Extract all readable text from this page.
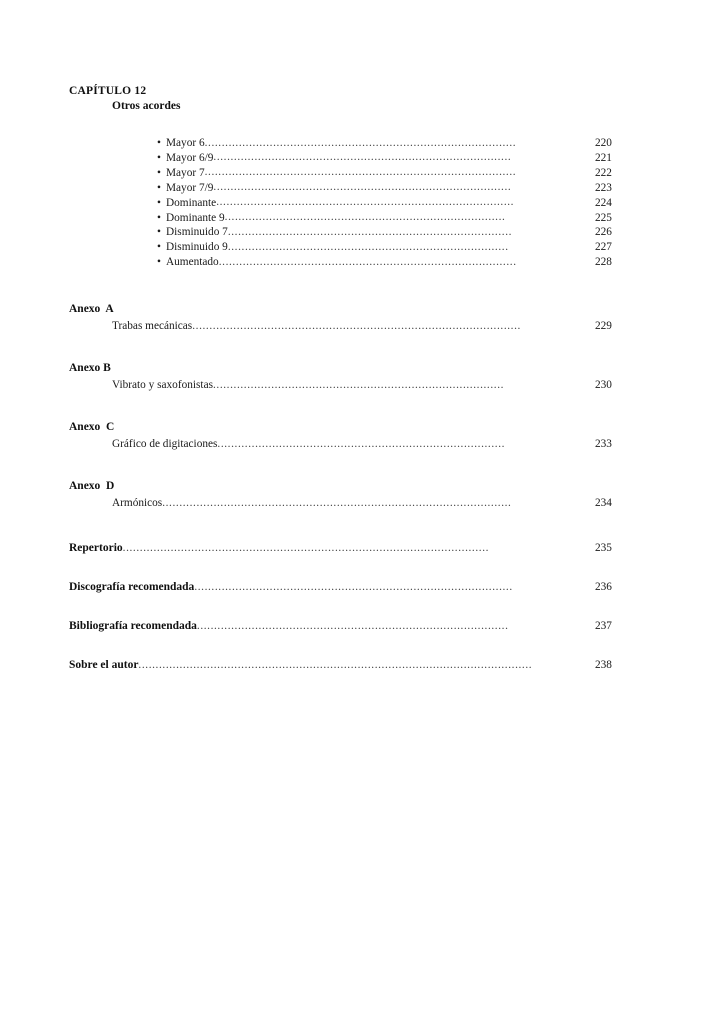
CAPÍTULO 12
Otros acordes
• Mayor 6 ...........................................................................................	220
• Mayor 6/9 .......................................................................................	221
• Mayor 7 ...........................................................................................	222
• Mayor 7/9 .......................................................................................	223
• Dominante .......................................................................................	224
• Dominante 9 ..................................................................................	225
• Disminuido 7 ...................................................................................	226
• Disminuido 9 ..................................................................................	227
• Aumentado .......................................................................................	228
Anexo  A
Trabas mecánicas ................................................................................................	229
Anexo B
Vibrato y saxofonistas .....................................................................................	230
Anexo  C
Gráfico de digitaciones ....................................................................................	233
Anexo  D
Armónicos ......................................................................................................	234
Repertorio ...........................................................................................................	235
Discografía recomendada .............................................................................................	236
Bibliografía recomendada ...........................................................................................	237
Sobre el autor ...................................................................................................................	238
